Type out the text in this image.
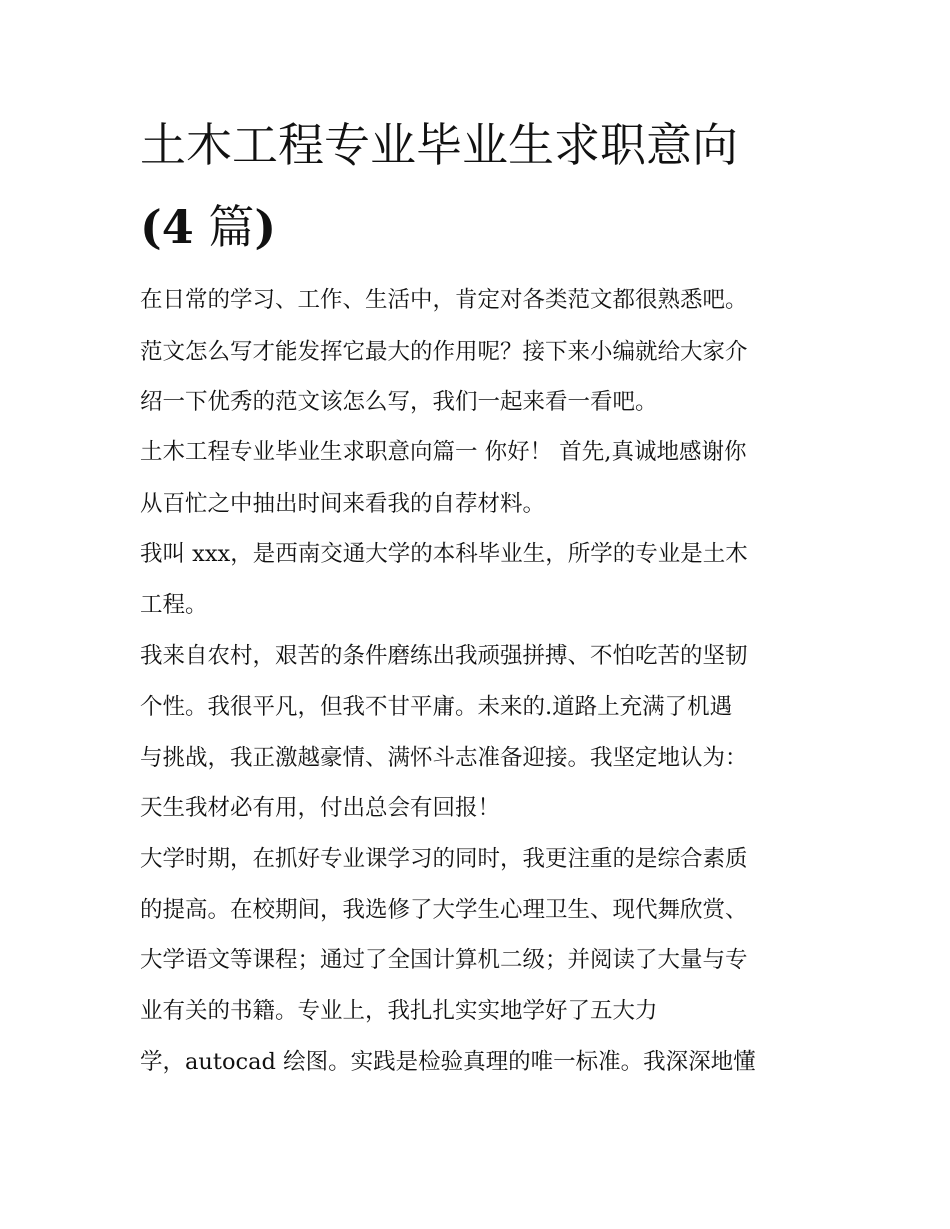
土木工程专业毕业生求职意向
(4 篇)

在日常的学习、工作、生活中，肯定对各类范文都很熟悉吧。

范文怎么写才能发挥它最大的作用呢？接下来小编就给大家介

绍一下优秀的范文该怎么写，我们一起来看一看吧。

土木工程专业毕业生求职意向篇一 你好！ 首先,真诚地感谢你

从百忙之中抽出时间来看我的自荐材料。

我叫 xxx，是西南交通大学的本科毕业生，所学的专业是土木

工程。

我来自农村，艰苦的条件磨练出我顽强拼搏、不怕吃苦的坚韧

个性。我很平凡，但我不甘平庸。未来的.道路上充满了机遇

与挑战，我正激越豪情、满怀斗志准备迎接。我坚定地认为：

天生我材必有用，付出总会有回报！

大学时期，在抓好专业课学习的同时，我更注重的是综合素质

的提高。在校期间，我选修了大学生心理卫生、现代舞欣赏、

大学语文等课程；通过了全国计算机二级；并阅读了大量与专

业有关的书籍。专业上，我扎扎实实地学好了五大力

学，autocad 绘图。实践是检验真理的唯一标准。我深深地懂
